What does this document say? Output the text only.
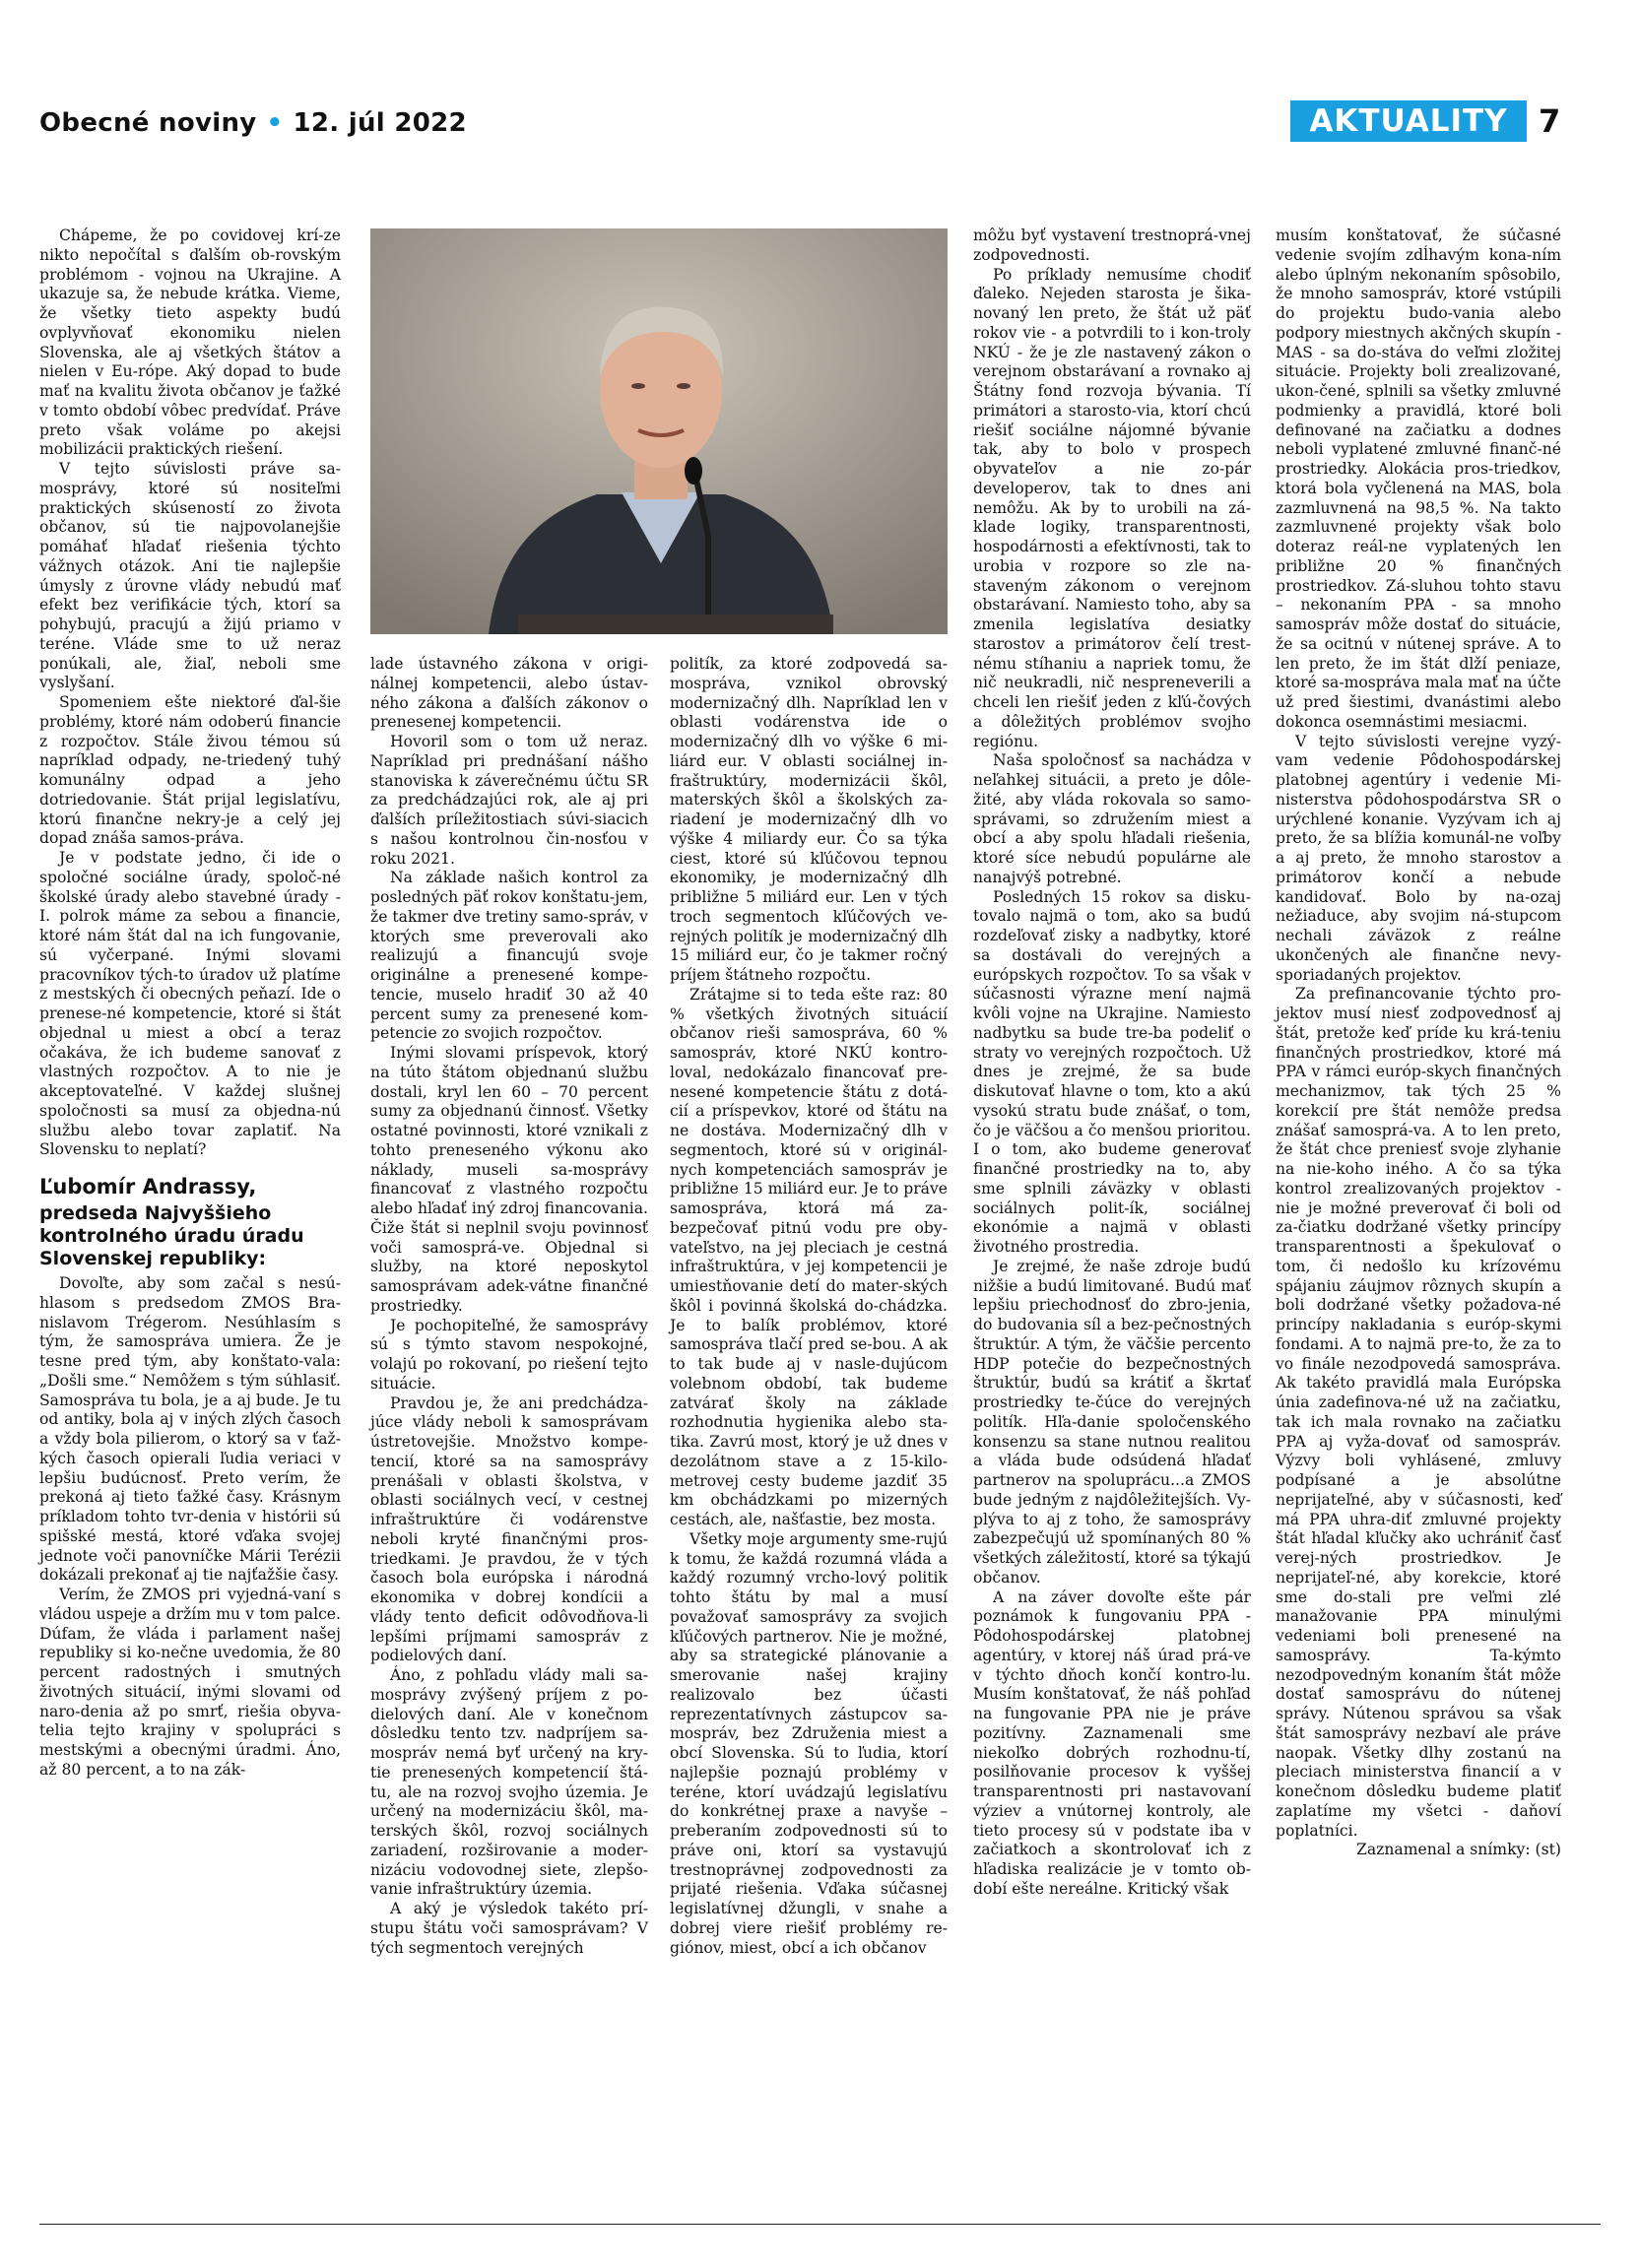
Obecné noviny • 12. júl 2022	AKTUALITY 7

Chápeme, že po covidovej krí-ze nikto nepočítal s ďalším ob-rovským problémom - vojnou na Ukrajine. A ukazuje sa, že nebude krátka. Vieme, že všetky tieto aspekty budú ovplyvňovať ekonomiku nielen Slovenska, ale aj všetkých štátov a nielen v Eu-rópe. Aký dopad to bude mať na kvalitu života občanov je ťažké v tomto období vôbec predvídať. Práve preto však voláme po akejsi mobilizácii praktických riešení.

V tejto súvislosti práve sa-mosprávy, ktoré sú nositeľmi praktických skúseností zo života občanov, sú tie najpovolanejšie pomáhať hľadať riešenia týchto vážnych otázok. Ani tie najlepšie úmysly z úrovne vlády nebudú mať efekt bez verifikácie tých, ktorí sa pohybujú, pracujú a žijú priamo v teréne. Vláde sme to už neraz ponúkali, ale, žiaľ, neboli sme vyslyšaní.

Spomeniem ešte niektoré ďal-šie problémy, ktoré nám odoberú financie z rozpočtov. Stále živou témou sú napríklad odpady, ne-triedený tuhý komunálny odpad a jeho dotriedovanie. Štát prijal legislatívu, ktorú finančne nekry-je a celý jej dopad znáša samos-práva.

Je v podstate jedno, či ide o spoločné sociálne úrady, spoloč-né školské úrady alebo stavebné úrady - I. polrok máme za sebou a financie, ktoré nám štát dal na ich fungovanie, sú vyčerpané. Inými slovami pracovníkov tých-to úradov už platíme z mestských či obecných peňazí. Ide o prenese-né kompetencie, ktoré si štát objednal u miest a obcí a teraz očakáva, že ich budeme sanovať z vlastných rozpočtov. A to nie je akceptovateľné. V každej slušnej spoločnosti sa musí za objedna-nú službu alebo tovar zaplatiť. Na Slovensku to neplatí?

Ľubomír Andrassy,
predseda Najvyššieho kontrolného úradu úradu Slovenskej republiky:

Dovoľte, aby som začal s nesú-hlasom s predsedom ZMOS Bra-nislavom Trégerom. Nesúhlasím s tým, že samospráva umiera. Že je tesne pred tým, aby konštato-vala: „Došli sme.“ Nemôžem s tým súhlasiť. Samospráva tu bola, je a aj bude. Je tu od antiky, bola aj v iných zlých časoch a vždy bola pilierom, o ktorý sa v ťaž-kých časoch opierali ľudia veriaci v lepšiu budúcnosť. Preto verím, že prekoná aj tieto ťažké časy. Krásnym príkladom tohto tvr-denia v histórii sú spišské mestá, ktoré vďaka svojej jednote voči panovníčke Márii Terézii dokázali prekonať aj tie najťažšie časy.

Verím, že ZMOS pri vyjedná-vaní s vládou uspeje a držím mu v tom palce. Dúfam, že vláda i parlament našej republiky si ko-nečne uvedomia, že 80 percent radostných i smutných životných situácií, inými slovami od naro-denia až po smrť, riešia obyva-telia tejto krajiny v spolupráci s mestskými a obecnými úradmi. Áno, až 80 percent, a to na zák-

lade ústavného zákona v origi-nálnej kompetencii, alebo ústav-ného zákona a ďalších zákonov o prenesenej kompetencii.

Hovoril som o tom už neraz. Napríklad pri prednášaní nášho stanoviska k záverečnému účtu SR za predchádzajúci rok, ale aj pri ďalších príležitostiach súvi-siacich s našou kontrolnou čin-nosťou v roku 2021.

Na základe našich kontrol za posledných päť rokov konštatu-jem, že takmer dve tretiny samo-správ, v ktorých sme preverovali ako realizujú a financujú svoje originálne a prenesené kompe-tencie, muselo hradiť 30 až 40 percent sumy za prenesené kom-petencie zo svojich rozpočtov.

Inými slovami príspevok, ktorý na túto štátom objednanú službu dostali, kryl len 60 – 70 percent sumy za objednanú činnosť. Všetky ostatné povinnosti, ktoré vznikali z tohto preneseného výkonu ako náklady, museli sa-mosprávy financovať z vlastného rozpočtu alebo hľadať iný zdroj financovania. Čiže štát si neplnil svoju povinnosť voči samosprá-ve. Objednal si služby, na ktoré neposkytol samosprávam adek-vátne finančné prostriedky.

Je pochopiteľné, že samosprávy sú s týmto stavom nespokojné, volajú po rokovaní, po riešení tejto situácie.

Pravdou je, že ani predchádza-júce vlády neboli k samosprávam ústretovejšie. Množstvo kompe-tencií, ktoré sa na samosprávy prenášali v oblasti školstva, v oblasti sociálnych vecí, v cestnej infraštruktúre či vodárenstve neboli kryté finančnými pros-triedkami. Je pravdou, že v tých časoch bola európska i národná ekonomika v dobrej kondícii a vlády tento deficit odôvodňova-li lepšími príjmami samospráv z podielových daní.

Áno, z pohľadu vlády mali sa-mosprávy zvýšený príjem z po-dielových daní. Ale v konečnom dôsledku tento tzv. nadpríjem sa-mospráv nemá byť určený na kry-tie prenesených kompetencií štá-tu, ale na rozvoj svojho územia. Je určený na modernizáciu škôl, ma-terských škôl, rozvoj sociálnych zariadení, rozširovanie a moder-nizáciu vodovodnej siete, zlepšo-vanie infraštruktúry územia.

A aký je výsledok takéto prí-stupu štátu voči samosprávam? V tých segmentoch verejných

politík, za ktoré zodpovedá sa-mospráva, vznikol obrovský modernizačný dlh. Napríklad len v oblasti vodárenstva ide o modernizačný dlh vo výške 6 mi-liárd eur. V oblasti sociálnej in-fraštruktúry, modernizácii škôl, materských škôl a školských za-riadení je modernizačný dlh vo výške 4 miliardy eur. Čo sa týka ciest, ktoré sú kľúčovou tepnou ekonomiky, je modernizačný dlh približne 5 miliárd eur. Len v tých troch segmentoch kľúčových ve-rejných politík je modernizačný dlh 15 miliárd eur, čo je takmer ročný príjem štátneho rozpočtu.

Zrátajme si to teda ešte raz: 80 % všetkých životných situácií občanov rieši samospráva, 60 % samospráv, ktoré NKÚ kontro-loval, nedokázalo financovať pre-nesené kompetencie štátu z dotá-cií a príspevkov, ktoré od štátu na ne dostáva. Modernizačný dlh v segmentoch, ktoré sú v originál-nych kompetenciách samospráv je približne 15 miliárd eur. Je to práve samospráva, ktorá má za-bezpečovať pitnú vodu pre oby-vateľstvo, na jej pleciach je cestná infraštruktúra, v jej kompetencii je umiestňovanie detí do mater-ských škôl i povinná školská do-chádzka. Je to balík problémov, ktoré samospráva tlačí pred se-bou. A ak to tak bude aj v nasle-dujúcom volebnom období, tak budeme zatvárať školy na základe rozhodnutia hygienika alebo sta-tika. Zavrú most, ktorý je už dnes v dezolátnom stave a z 15-kilo-metrovej cesty budeme jazdiť 35 km obchádzkami po mizerných cestách, ale, našťastie, bez mosta.

Všetky moje argumenty sme-rujú k tomu, že každá rozumná vláda a každý rozumný vrcho-lový politik tohto štátu by mal a musí považovať samosprávy za svojich kľúčových partnerov. Nie je možné, aby sa strategické plánovanie a smerovanie našej krajiny realizovalo bez účasti reprezentatívnych zástupcov sa-mospráv, bez Združenia miest a obcí Slovenska. Sú to ľudia, ktorí najlepšie poznajú problémy v teréne, ktorí uvádzajú legislatívu do konkrétnej praxe a navyše – preberaním zodpovednosti sú to práve oni, ktorí sa vystavujú trestnoprávnej zodpovednosti za prijaté riešenia. Vďaka súčasnej legislatívnej džungli, v snahe a dobrej viere riešiť problémy re-giónov, miest, obcí a ich občanov

môžu byť vystavení trestnoprá-vnej zodpovednosti.

Po príklady nemusíme chodiť ďaleko. Nejeden starosta je šika-novaný len preto, že štát už päť rokov vie - a potvrdili to i kon-troly NKÚ - že je zle nastavený zákon o verejnom obstarávaní a rovnako aj Štátny fond rozvoja bývania. Tí primátori a starosto-via, ktorí chcú riešiť sociálne nájomné bývanie tak, aby to bolo v prospech obyvateľov a nie zo-pár developerov, tak to dnes ani nemôžu. Ak by to urobili na zá-klade logiky, transparentnosti, hospodárnosti a efektívnosti, tak to urobia v rozpore so zle na-staveným zákonom o verejnom obstarávaní. Namiesto toho, aby sa zmenila legislatíva desiatky starostov a primátorov čelí trest-nému stíhaniu a napriek tomu, že nič neukradli, nič nespreneverili a chceli len riešiť jeden z kľú-čových a dôležitých problémov svojho regiónu.

Naša spoločnosť sa nachádza v neľahkej situácii, a preto je dôle-žité, aby vláda rokovala so samo-správami, so združením miest a obcí a aby spolu hľadali riešenia, ktoré síce nebudú populárne ale nanajvýš potrebné.

Posledných 15 rokov sa disku-tovalo najmä o tom, ako sa budú rozdeľovať zisky a nadbytky, ktoré sa dostávali do verejných a európskych rozpočtov. To sa však v súčasnosti výrazne mení najmä kvôli vojne na Ukrajine. Namiesto nadbytku sa bude tre-ba podeliť o straty vo verejných rozpočtoch. Už dnes je zrejmé, že sa bude diskutovať hlavne o tom, kto a akú vysokú stratu bude znášať, o tom, čo je väčšou a čo menšou prioritou. I o tom, ako budeme generovať finančné prostriedky na to, aby sme splnili záväzky v oblasti sociálnych polit-ík, sociálnej ekonómie a najmä v oblasti životného prostredia.

Je zrejmé, že naše zdroje budú nižšie a budú limitované. Budú mať lepšiu priechodnosť do zbro-jenia, do budovania síl a bez-pečnostných štruktúr. A tým, že väčšie percento HDP potečie do bezpečnostných štruktúr, budú sa krátiť a škrtať prostriedky te-čúce do verejných politík. Hľa-danie spoločenského konsenzu sa stane nutnou realitou a vláda bude odsúdená hľadať partnerov na spoluprácu...a ZMOS bude jedným z najdôležitejších. Vy-plýva to aj z toho, že samosprávy zabezpečujú už spomínaných 80 % všetkých záležitostí, ktoré sa týkajú občanov.

A na záver dovoľte ešte pár poznámok k fungovaniu PPA - Pôdohospodárskej platobnej agentúry, v ktorej náš úrad prá-ve v týchto dňoch končí kontro-lu. Musím konštatovať, že náš pohľad na fungovanie PPA nie je práve pozitívny. Zaznamenali sme niekoľko dobrých rozhodnu-tí, posilňovanie procesov k vyššej transparentnosti pri nastavovaní výziev a vnútornej kontroly, ale tieto procesy sú v podstate iba v začiatkoch a skontrolovať ich z hľadiska realizácie je v tomto ob-dobí ešte nereálne. Kritický však

musím konštatovať, že súčasné vedenie svojím zdĺhavým kona-ním alebo úplným nekonaním spôsobilo, že mnoho samospráv, ktoré vstúpili do projektu budo-vania alebo podpory miestnych akčných skupín - MAS - sa do-stáva do veľmi zložitej situácie. Projekty boli zrealizované, ukon-čené, splnili sa všetky zmluvné podmienky a pravidlá, ktoré boli definované na začiatku a dodnes neboli vyplatené zmluvné finanč-né prostriedky. Alokácia pros-triedkov, ktorá bola vyčlenená na MAS, bola zazmluvnená na 98,5 %. Na takto zazmluvnené projekty však bolo doteraz reál-ne vyplatených len približne 20 % finančných prostriedkov. Zá-sluhou tohto stavu – nekonaním PPA - sa mnoho samospráv môže dostať do situácie, že sa ocitnú v nútenej správe. A to len preto, že im štát dlží peniaze, ktoré sa-mospráva mala mať na účte už pred šiestimi, dvanástimi alebo dokonca osemnástimi mesiacmi.

V tejto súvislosti verejne vyzý-vam vedenie Pôdohospodárskej platobnej agentúry i vedenie Mi-nisterstva pôdohospodárstva SR o urýchlené konanie. Vyzývam ich aj preto, že sa blížia komunál-ne voľby a aj preto, že mnoho starostov a primátorov končí a nebude kandidovať. Bolo by na-ozaj nežiaduce, aby svojim ná-stupcom nechali záväzok z reálne ukončených ale finančne nevy-sporiadaných projektov.

Za prefinancovanie týchto pro-jektov musí niesť zodpovednosť aj štát, pretože keď príde ku krá-teniu finančných prostriedkov, ktoré má PPA v rámci európ-skych finančných mechanizmov, tak tých 25 % korekcií pre štát nemôže predsa znášať samosprá-va. A to len preto, že štát chce preniesť svoje zlyhanie na nie-koho iného. A čo sa týka kontrol zrealizovaných projektov - nie je možné preverovať či boli od za-čiatku dodržané všetky princípy transparentnosti a špekulovať o tom, či nedošlo ku krízovému spájaniu záujmov rôznych skupín a boli dodržané všetky požadova-né princípy nakladania s európ-skymi fondami. A to najmä pre-to, že za to vo finále nezodpovedá samospráva. Ak takéto pravidlá mala Európska únia zadefinova-né už na začiatku, tak ich mala rovnako na začiatku PPA aj vyža-dovať od samospráv. Výzvy boli vyhlásené, zmluvy podpísané a je absolútne neprijateľné, aby v súčasnosti, keď má PPA uhra-diť zmluvné projekty štát hľadal kľučky ako uchrániť časť verej-ných prostriedkov. Je neprijateľ-né, aby korekcie, ktoré sme do-stali pre veľmi zlé manažovanie PPA minulými vedeniami boli prenesené na samosprávy. Ta-kýmto nezodpovedným konaním štát môže dostať samosprávu do nútenej správy. Nútenou správou sa však štát samosprávy nezbaví ale práve naopak. Všetky dlhy zostanú na pleciach ministerstva financií a v konečnom dôsledku budeme platiť zaplatíme my všetci - daňoví poplatníci.

Zaznamenal a snímky: (st)
